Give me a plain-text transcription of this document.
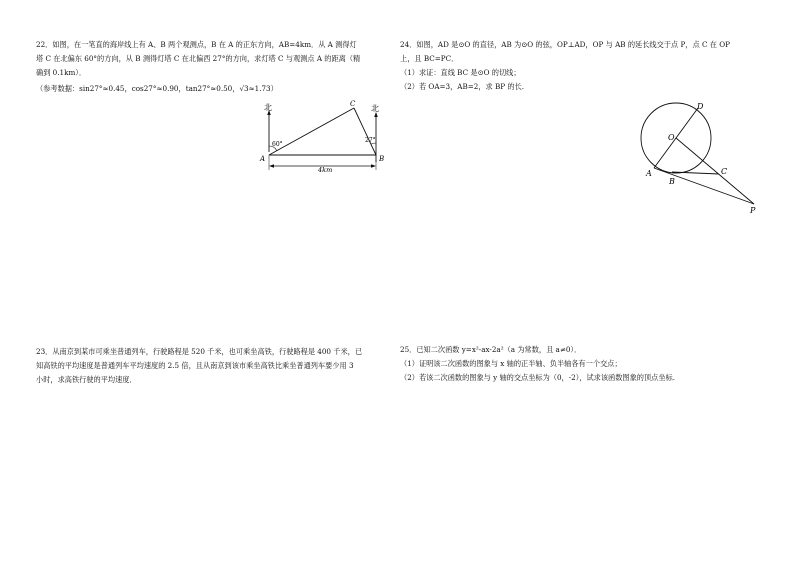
22．如图，在一笔直的海岸线上有 A、B 两个观测点，B 在 A 的正东方向，AB=4km．从 A 测得灯

塔 C 在北偏东 60°的方向，从 B 测得灯塔 C 在北偏西 27°的方向，求灯塔 C 与观测点 A 的距离（精

确到 0.1km）．

（参考数据：sin27°≈0.45，cos27°≈0.90，tan27°≈0.50，√3≈1.73）

北	北
60°
27°
A	B
C
4km

23．从南京到某市可乘坐普通列车，行驶路程是 520 千米，也可乘坐高铁，行驶路程是 400 千米，已

知高铁的平均速度是普通列车平均速度的 2.5 倍，且从南京到该市乘坐高铁比乘坐普通列车要少用 3

小时，求高铁行驶的平均速度．

24．如图，AD 是⊙O 的直径，AB 为⊙O 的弦，OP⊥AD，OP 与 AB 的延长线交于点 P，点 C 在 OP

上，且 BC=PC．

（1）求证：直线 BC 是⊙O 的切线；

（2）若 OA=3，AB=2，求 BP 的长.

D
O
A
B
C
P

25．已知二次函数 y=x²-ax-2a²（a 为常数，且 a≠0）．

（1）证明该二次函数的图象与 x 轴的正半轴、负半轴各有一个交点；

（2）若该二次函数的图象与 y 轴的交点坐标为（0，-2），试求该函数图象的顶点坐标.
